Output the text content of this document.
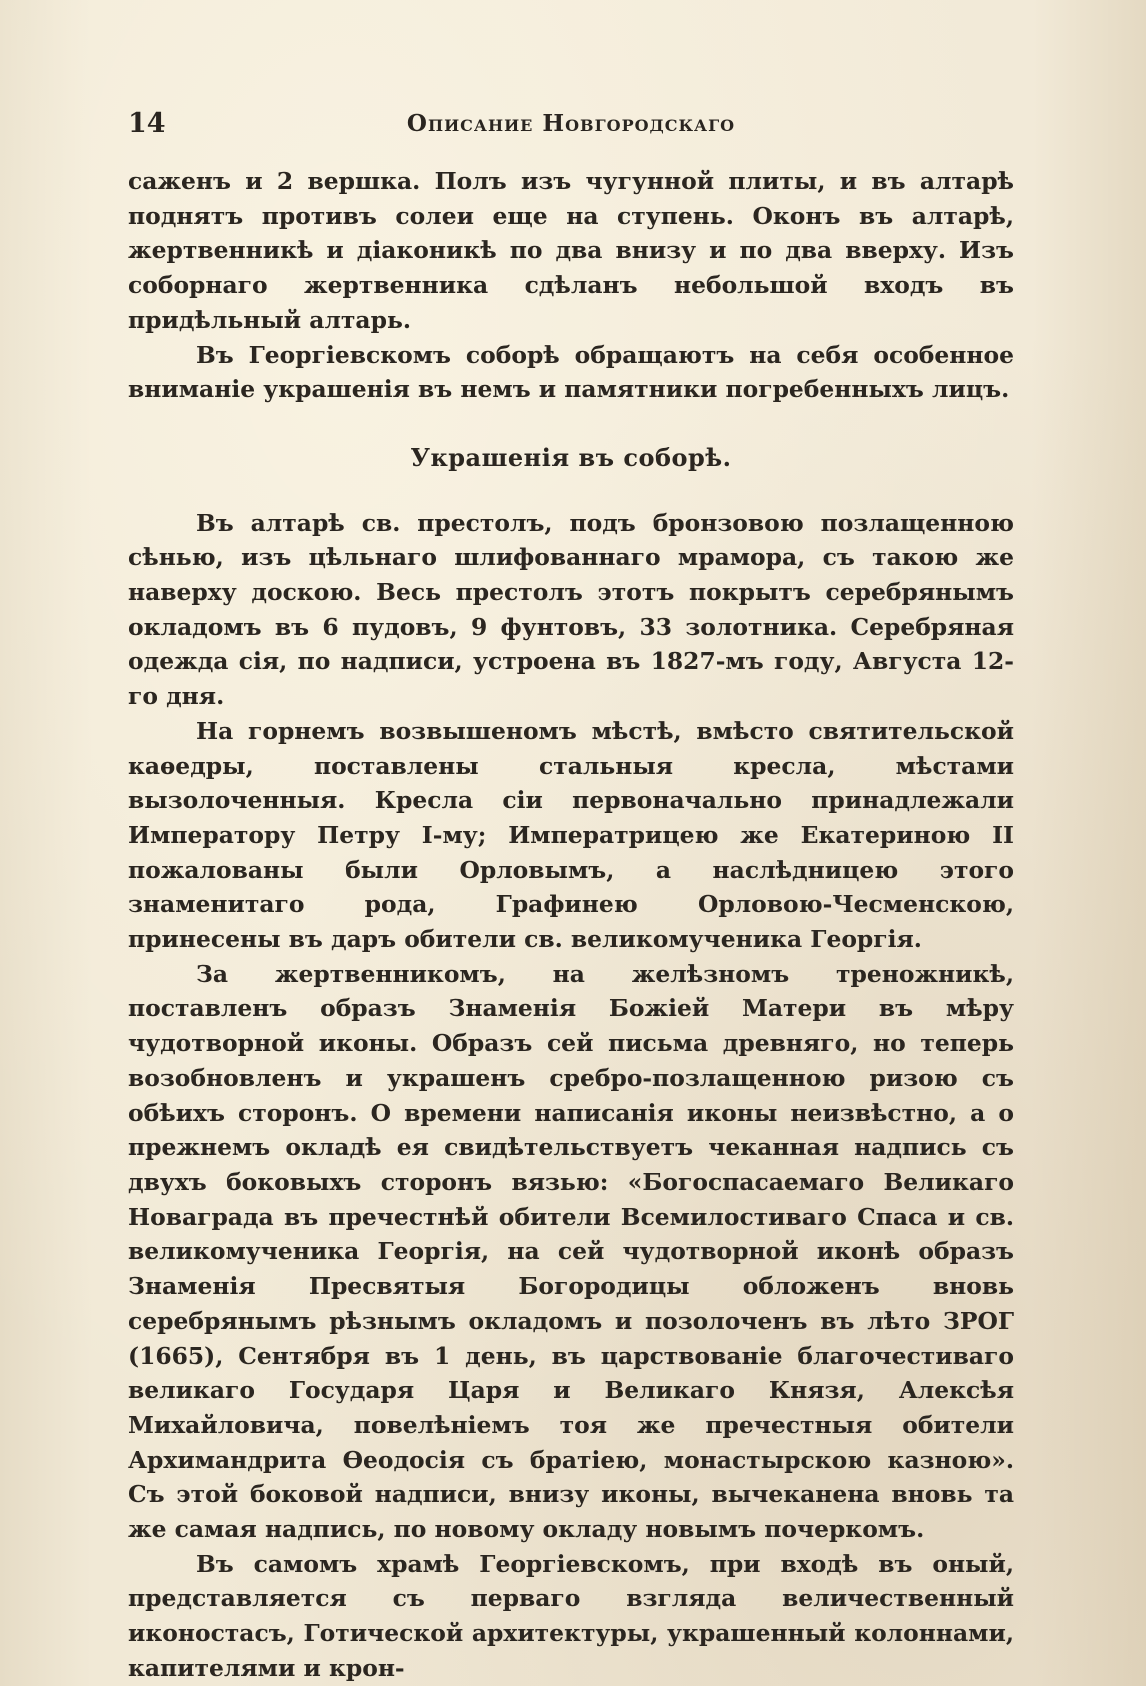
14	Описание Новгородскаго

саженъ и 2 вершка. Полъ изъ чугунной плиты, и въ алтарѣ поднятъ противъ солеи еще на ступень. Оконъ въ алтарѣ, жертвенникѣ и діаконикѣ по два внизу и по два вверху. Изъ соборнаго жертвенника сдѣланъ небольшой входъ въ придѣльный алтарь.

Въ Георгіевскомъ соборѣ обращаютъ на себя особенное вниманіе украшенія въ немъ и памятники погребенныхъ лицъ.

Украшенія въ соборѣ.

Въ алтарѣ св. престолъ, подъ бронзовою позлащенною сѣнью, изъ цѣльнаго шлифованнаго мрамора, съ такою же наверху доскою. Весь престолъ этотъ покрытъ серебрянымъ окладомъ въ 6 пудовъ, 9 фунтовъ, 33 золотника. Серебряная одежда сія, по надписи, устроена въ 1827-мъ году, Августа 12-го дня.

На горнемъ возвышеномъ мѣстѣ, вмѣсто святительской каѳедры, поставлены стальныя кресла, мѣстами вызолоченныя. Кресла сіи первоначально принадлежали Императору Петру I-му; Императрицею же Екатериною II пожалованы были Орловымъ, а наслѣдницею этого знаменитаго рода, Графинею Орловою-Чесменскою, принесены въ даръ обители св. великомученика Георгія.

За жертвенникомъ, на желѣзномъ треножникѣ, поставленъ образъ Знаменія Божіей Матери въ мѣру чудотворной иконы. Образъ сей письма древняго, но теперь возобновленъ и украшенъ сребро-позлащенною ризою съ обѣихъ сторонъ. О времени написанія иконы неизвѣстно, а о прежнемъ окладѣ ея свидѣтельствуетъ чеканная надпись съ двухъ боковыхъ сторонъ вязью: «Богоспасаемаго Великаго Новаграда въ пречестнѣй обители Всемилостиваго Спаса и св. великомученика Георгія, на сей чудотворной иконѣ образъ Знаменія Пресвятыя Богородицы обложенъ вновь серебрянымъ рѣзнымъ окладомъ и позолоченъ въ лѣто ЗРОГ (1665), Сентября въ 1 день, въ царствованіе благочестиваго великаго Государя Царя и Великаго Князя, Алексѣя Михайловича, повелѣніемъ тоя же пречестныя обители Архимандрита Ѳеодосія съ братіею, монастырскою казною». Съ этой боковой надписи, внизу иконы, вычеканена вновь та же самая надпись, по новому окладу новымъ почеркомъ.

Въ самомъ храмѣ Георгіевскомъ, при входѣ въ оный, представляется съ перваго взгляда величественный иконостасъ, Готической архитектуры, украшенный колоннами, капителями и крон-
